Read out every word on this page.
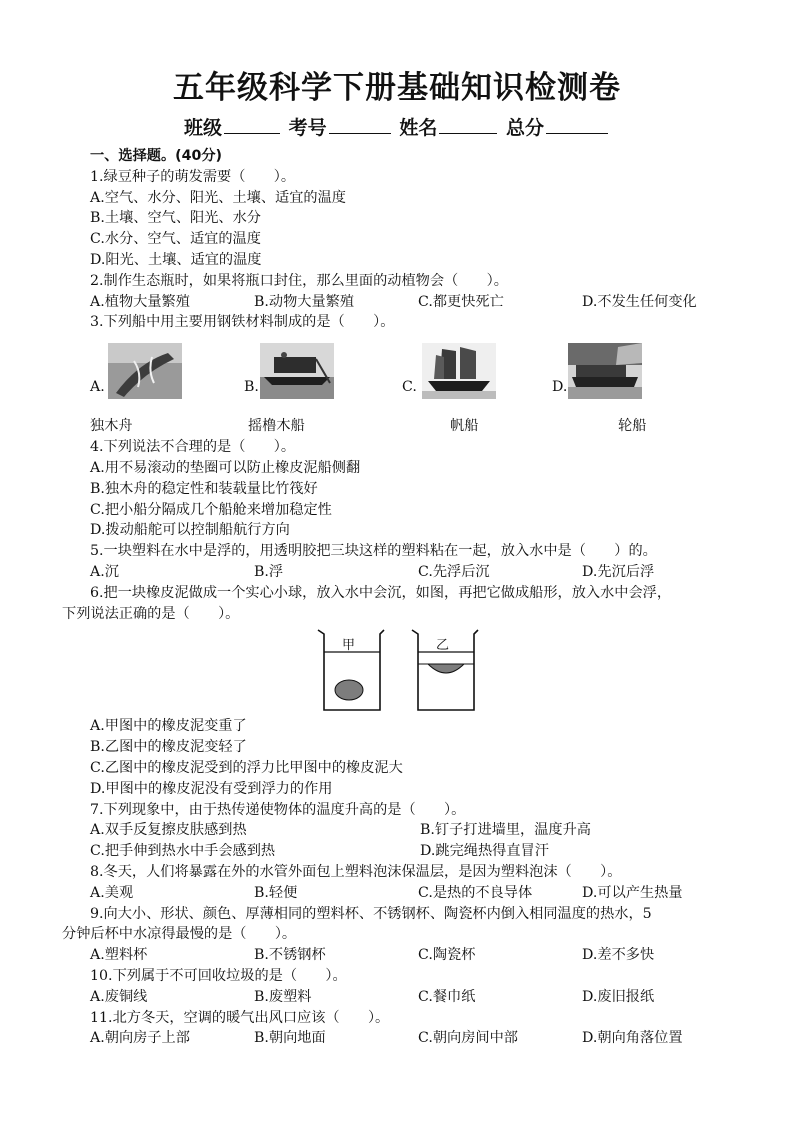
五年级科学下册基础知识检测卷
班级	考号	姓名	总分
一、选择题。(40分)
1.绿豆种子的萌发需要（　　）。
A.空气、水分、阳光、土壤、适宜的温度
B.土壤、空气、阳光、水分
C.水分、空气、适宜的温度
D.阳光、土壤、适宜的温度
2.制作生态瓶时，如果将瓶口封住，那么里面的动植物会（　　）。
A.植物大量繁殖	B.动物大量繁殖	C.都更快死亡	D.不发生任何变化
3.下列船中用主要用钢铁材料制成的是（　　）。
A.	B.	C.	D.
独木舟	摇橹木船	帆船	轮船
4.下列说法不合理的是（　　）。
A.用不易滚动的垫圈可以防止橡皮泥船侧翻
B.独木舟的稳定性和装载量比竹筏好
C.把小船分隔成几个船舱来增加稳定性
D.拨动船舵可以控制船航行方向
5.一块塑料在水中是浮的，用透明胶把三块这样的塑料粘在一起，放入水中是（　　）的。
A.沉	B.浮	C.先浮后沉	D.先沉后浮
6.把一块橡皮泥做成一个实心小球，放入水中会沉，如图，再把它做成船形，放入水中会浮，
下列说法正确的是（　　）。
甲	乙
A.甲图中的橡皮泥变重了
B.乙图中的橡皮泥变轻了
C.乙图中的橡皮泥受到的浮力比甲图中的橡皮泥大
D.甲图中的橡皮泥没有受到浮力的作用
7.下列现象中，由于热传递使物体的温度升高的是（　　）。
A.双手反复擦皮肤感到热	B.钉子打进墙里，温度升高
C.把手伸到热水中手会感到热	D.跳完绳热得直冒汗
8.冬天，人们将暴露在外的水管外面包上塑料泡沫保温层，是因为塑料泡沫（　　）。
A.美观	B.轻便	C.是热的不良导体	D.可以产生热量
9.向大小、形状、颜色、厚薄相同的塑料杯、不锈钢杯、陶瓷杯内倒入相同温度的热水，5
分钟后杯中水凉得最慢的是（　　）。
A.塑料杯	B.不锈钢杯	C.陶瓷杯	D.差不多快
10.下列属于不可回收垃圾的是（　　）。
A.废铜线	B.废塑料	C.餐巾纸	D.废旧报纸
11.北方冬天，空调的暖气出风口应该（　　）。
A.朝向房子上部	B.朝向地面	C.朝向房间中部	D.朝向角落位置
